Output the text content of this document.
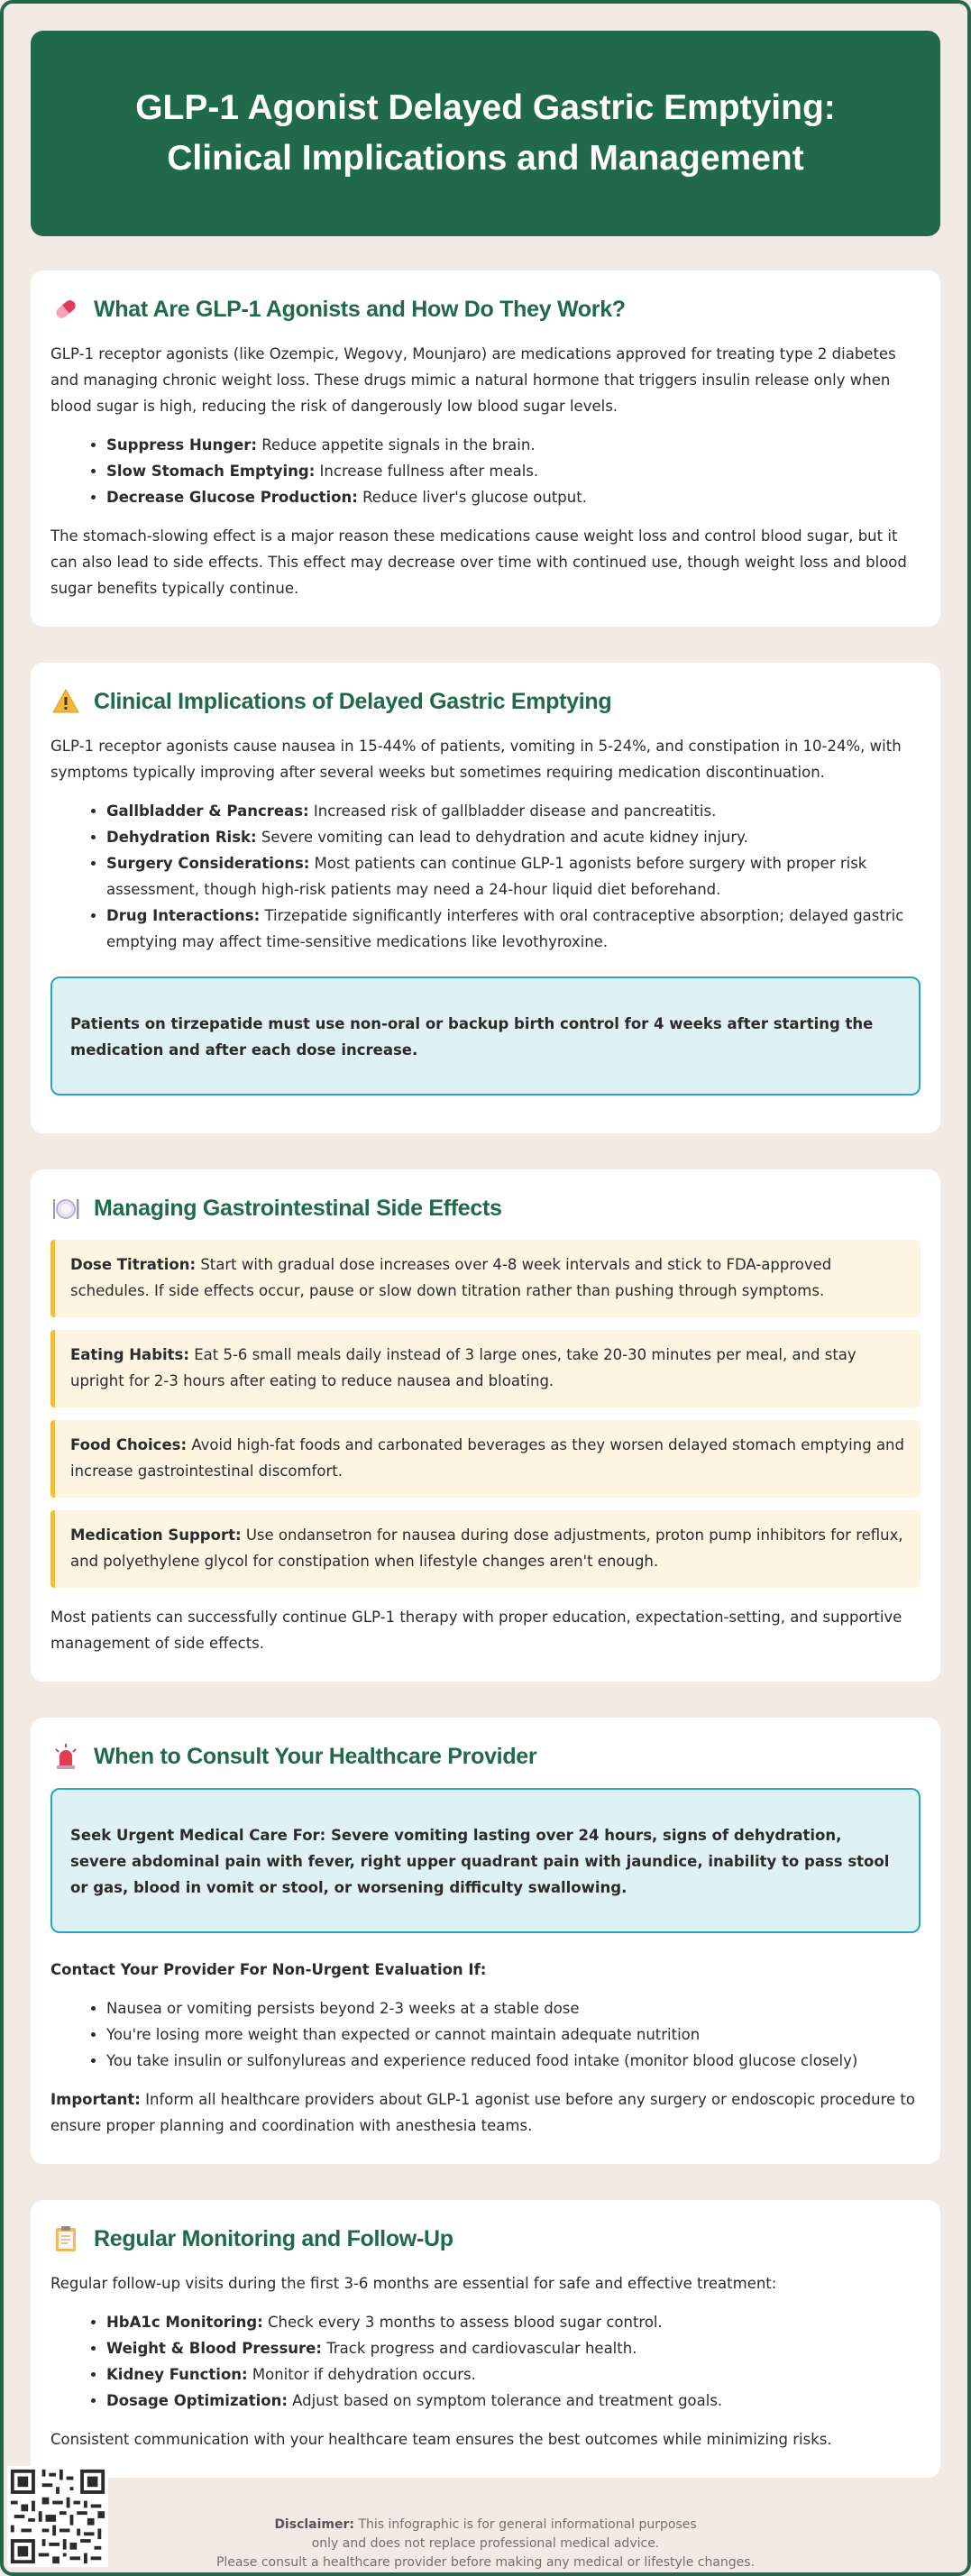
GLP-1 Agonist Delayed Gastric Emptying: Clinical Implications and Management
What Are GLP-1 Agonists and How Do They Work?

GLP-1 receptor agonists (like Ozempic, Wegovy, Mounjaro) are medications approved for treating type 2 diabetes and managing chronic weight loss. These drugs mimic a natural hormone that triggers insulin release only when blood sugar is high, reducing the risk of dangerously low blood sugar levels.

• Suppress Hunger: Reduce appetite signals in the brain.
• Slow Stomach Emptying: Increase fullness after meals.
• Decrease Glucose Production: Reduce liver's glucose output.

The stomach-slowing effect is a major reason these medications cause weight loss and control blood sugar, but it can also lead to side effects. This effect may decrease over time with continued use, though weight loss and blood sugar benefits typically continue.

Clinical Implications of Delayed Gastric Emptying

GLP-1 receptor agonists cause nausea in 15-44% of patients, vomiting in 5-24%, and constipation in 10-24%, with symptoms typically improving after several weeks but sometimes requiring medication discontinuation.

• Gallbladder & Pancreas: Increased risk of gallbladder disease and pancreatitis.
• Dehydration Risk: Severe vomiting can lead to dehydration and acute kidney injury.
• Surgery Considerations: Most patients can continue GLP-1 agonists before surgery with proper risk assessment, though high-risk patients may need a 24-hour liquid diet beforehand.
• Drug Interactions: Tirzepatide significantly interferes with oral contraceptive absorption; delayed gastric emptying may affect time-sensitive medications like levothyroxine.
Patients on tirzepatide must use non-oral or backup birth control for 4 weeks after starting the medication and after each dose increase.
Managing Gastrointestinal Side Effects
Dose Titration: Start with gradual dose increases over 4-8 week intervals and stick to FDA-approved schedules. If side effects occur, pause or slow down titration rather than pushing through symptoms.
Eating Habits: Eat 5-6 small meals daily instead of 3 large ones, take 20-30 minutes per meal, and stay upright for 2-3 hours after eating to reduce nausea and bloating.
Food Choices: Avoid high-fat foods and carbonated beverages as they worsen delayed stomach emptying and increase gastrointestinal discomfort.
Medication Support: Use ondansetron for nausea during dose adjustments, proton pump inhibitors for reflux, and polyethylene glycol for constipation when lifestyle changes aren't enough.

Most patients can successfully continue GLP-1 therapy with proper education, expectation-setting, and supportive management of side effects.

When to Consult Your Healthcare Provider
Seek Urgent Medical Care For: Severe vomiting lasting over 24 hours, signs of dehydration, severe abdominal pain with fever, right upper quadrant pain with jaundice, inability to pass stool or gas, blood in vomit or stool, or worsening difficulty swallowing.

Contact Your Provider For Non-Urgent Evaluation If:

• Nausea or vomiting persists beyond 2-3 weeks at a stable dose
• You're losing more weight than expected or cannot maintain adequate nutrition
• You take insulin or sulfonylureas and experience reduced food intake (monitor blood glucose closely)

Important: Inform all healthcare providers about GLP-1 agonist use before any surgery or endoscopic procedure to ensure proper planning and coordination with anesthesia teams.

Regular Monitoring and Follow-Up

Regular follow-up visits during the first 3-6 months are essential for safe and effective treatment:

• HbA1c Monitoring: Check every 3 months to assess blood sugar control.
• Weight & Blood Pressure: Track progress and cardiovascular health.
• Kidney Function: Monitor if dehydration occurs.
• Dosage Optimization: Adjust based on symptom tolerance and treatment goals.

Consistent communication with your healthcare team ensures the best outcomes while minimizing risks.

Disclaimer: This infographic is for general informational purposes
only and does not replace professional medical advice.
Please consult a healthcare provider before making any medical or lifestyle changes.
